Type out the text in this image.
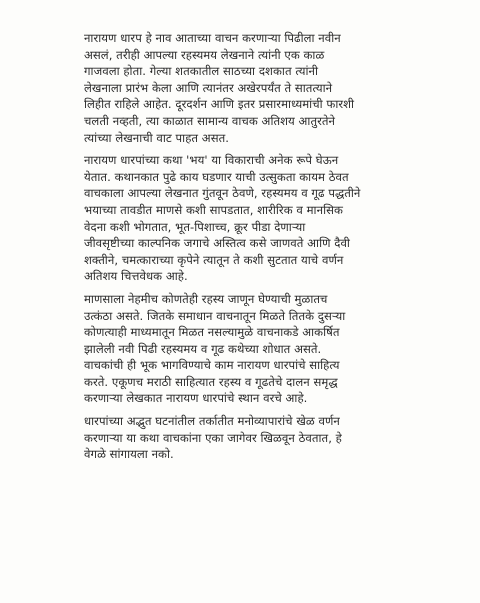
नारायण धारप हे नाव आताच्या वाचन करणाऱ्या पिढीला नवीन
असलं, तरीही आपल्या रहस्यमय लेखनाने त्यांनी एक काळ
गाजवला होता. गेल्या शतकातील साठच्या दशकात त्यांनी
लेखनाला प्रारंभ केला आणि त्यानंतर अखेरपर्यंत ते सातत्याने
लिहीत राहिले आहेत. दूरदर्शन आणि इतर प्रसारमाध्यमांची फारशी
चलती नव्हती, त्या काळात सामान्य वाचक अतिशय आतुरतेने
त्यांच्या लेखनाची वाट पाहत असत.

नारायण धारपांच्या कथा 'भय' या विकाराची अनेक रूपे घेऊन
येतात. कथानकात पुढे काय घडणार याची उत्सुकता कायम ठेवत
वाचकाला आपल्या लेखनात गुंतवून ठेवणे, रहस्यमय व गूढ पद्धतीने
भयाच्या तावडीत माणसे कशी सापडतात, शारीरिक व मानसिक
वेदना कशी भोगतात, भूत-पिशाच्च, क्रूर पीडा देणाऱ्या
जीवसृष्टीच्या काल्पनिक जगाचे अस्तित्व कसे जाणवते आणि दैवी
शक्तीने, चमत्काराच्या कृपेने त्यातून ते कशी सुटतात याचे वर्णन
अतिशय चित्तवेधक आहे.

माणसाला नेहमीच कोणतेही रहस्य जाणून घेण्याची मुळातच
उत्कंठा असते. जितके समाधान वाचनातून मिळते तितके दुसऱ्या
कोणत्याही माध्यमातून मिळत नसल्यामुळे वाचनाकडे आकर्षित
झालेली नवी पिढी रहस्यमय व गूढ कथेच्या शोधात असते.
वाचकांची ही भूक भागविण्याचे काम नारायण धारपांचे साहित्य
करते. एकूणच मराठी साहित्यात रहस्य व गूढतेचे दालन समृद्ध
करणाऱ्या लेखकात नारायण धारपांचे स्थान वरचे आहे.

धारपांच्या अद्भुत घटनांतील तर्कातीत मनोव्यापारांचे खेळ वर्णन
करणाऱ्या या कथा वाचकांना एका जागेवर खिळवून ठेवतात, हे
वेगळे सांगायला नको.
